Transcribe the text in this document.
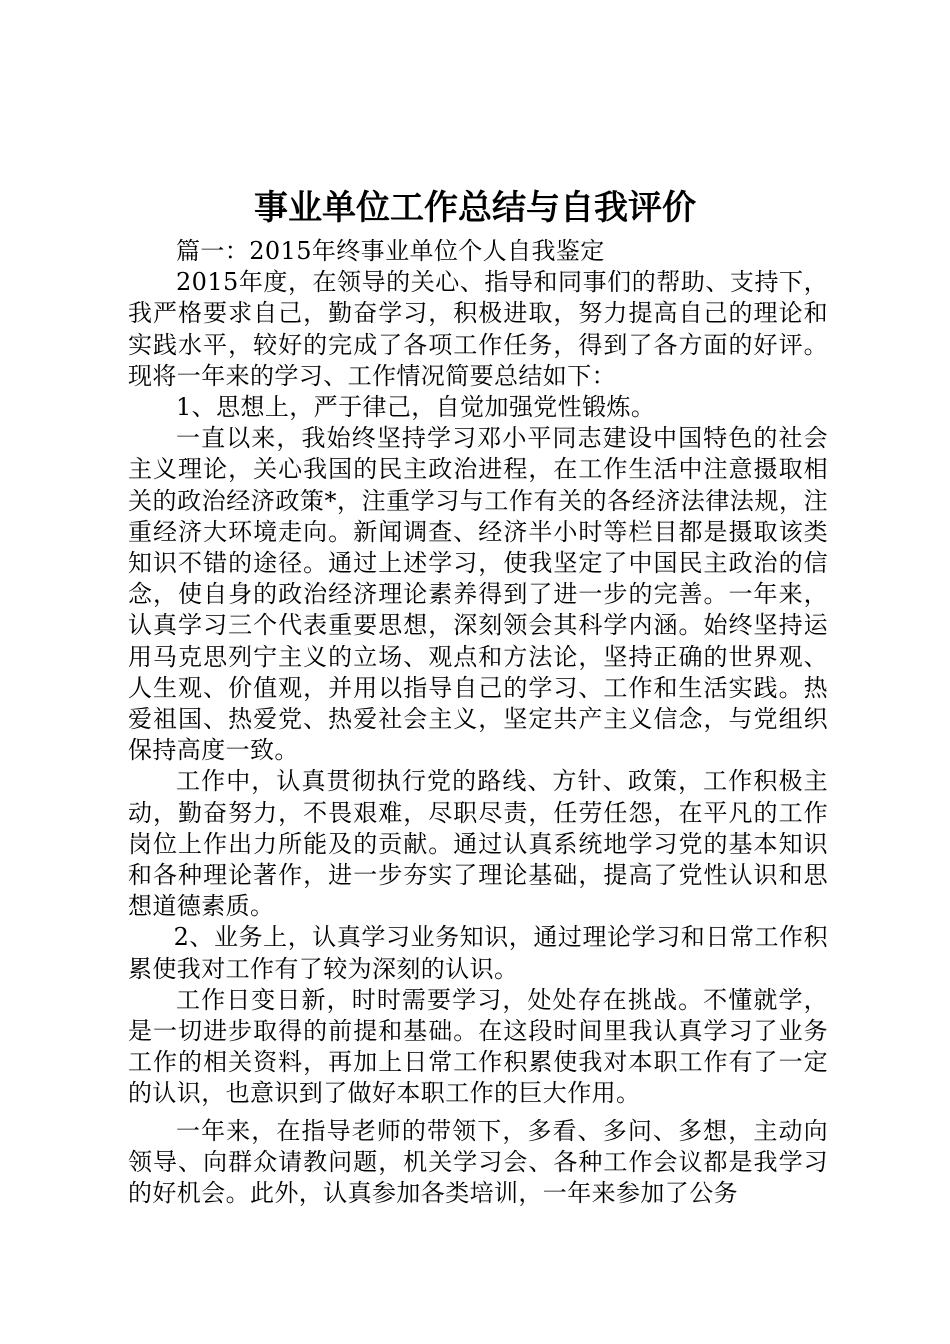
事业单位工作总结与自我评价

篇一：2015年终事业单位个人自我鉴定

2015年度，在领导的关心、指导和同事们的帮助、支持下，我严格要求自己，勤奋学习，积极进取，努力提高自己的理论和实践水平，较好的完成了各项工作任务，得到了各方面的好评。现将一年来的学习、工作情况简要总结如下：

1、思想上，严于律己，自觉加强党性锻炼。

一直以来，我始终坚持学习邓小平同志建设中国特色的社会主义理论，关心我国的民主政治进程，在工作生活中注意摄取相关的政治经济政策*，注重学习与工作有关的各经济法律法规，注重经济大环境走向。新闻调查、经济半小时等栏目都是摄取该类知识不错的途径。通过上述学习，使我坚定了中国民主政治的信念，使自身的政治经济理论素养得到了进一步的完善。一年来，认真学习三个代表重要思想，深刻领会其科学内涵。始终坚持运用马克思列宁主义的立场、观点和方法论，坚持正确的世界观、人生观、价值观，并用以指导自己的学习、工作和生活实践。热爱祖国、热爱党、热爱社会主义，坚定共产主义信念，与党组织保持高度一致。

工作中，认真贯彻执行党的路线、方针、政策，工作积极主动，勤奋努力，不畏艰难，尽职尽责，任劳任怨，在平凡的工作岗位上作出力所能及的贡献。通过认真系统地学习党的基本知识和各种理论著作，进一步夯实了理论基础，提高了党性认识和思想道德素质。

2、业务上，认真学习业务知识，通过理论学习和日常工作积累使我对工作有了较为深刻的认识。

工作日变日新，时时需要学习，处处存在挑战。不懂就学，是一切进步取得的前提和基础。在这段时间里我认真学习了业务工作的相关资料，再加上日常工作积累使我对本职工作有了一定的认识，也意识到了做好本职工作的巨大作用。

一年来，在指导老师的带领下，多看、多问、多想，主动向领导、向群众请教问题，机关学习会、各种工作会议都是我学习的好机会。此外，认真参加各类培训，一年来参加了公务
